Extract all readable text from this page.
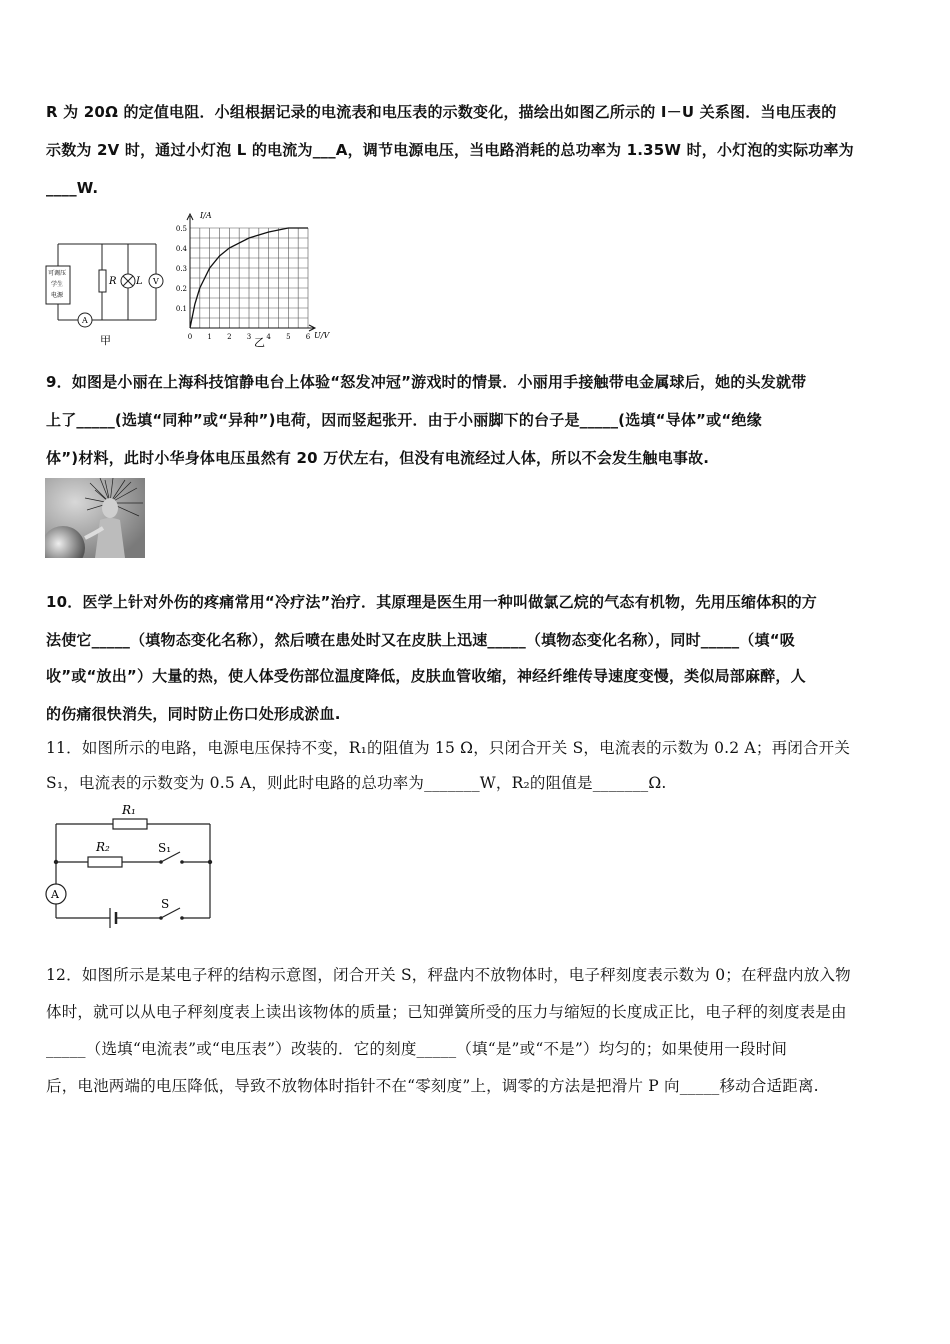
R 为 20Ω 的定值电阻．小组根据记录的电流表和电压表的示数变化，描绘出如图乙所示的 I－U 关系图．当电压表的
示数为 2V 时，通过小灯泡 L 的电流为___A，调节电源电压，当电路消耗的总功率为 1.35W 时，小灯泡的实际功率为
____W.
可调压
学生
电源
R L V
A
甲
0.1
0.2
0.3
0.4
0.5
0 1 2 3 4 5 6
I/A
U/V
乙
9．如图是小丽在上海科技馆静电台上体验“怒发冲冠”游戏时的情景．小丽用手接触带电金属球后，她的头发就带
上了_____(选填“同种”或“异种”)电荷，因而竖起张开．由于小丽脚下的台子是_____(选填“导体”或“绝缘
体”)材料，此时小华身体电压虽然有 20 万伏左右，但没有电流经过人体，所以不会发生触电事故.
10．医学上针对外伤的疼痛常用“冷疗法”治疗．其原理是医生用一种叫做氯乙烷的气态有机物，先用压缩体积的方
法使它_____（填物态变化名称），然后喷在患处时又在皮肤上迅速_____（填物态变化名称），同时_____（填“吸
收”或“放出”）大量的热，使人体受伤部位温度降低，皮肤血管收缩，神经纤维传导速度变慢，类似局部麻醉，人
的伤痛很快消失，同时防止伤口处形成淤血.
11．如图所示的电路，电源电压保持不变，R₁的阻值为 15 Ω，只闭合开关 S，电流表的示数为 0.2 A；再闭合开关
S₁，电流表的示数变为 0.5 A，则此时电路的总功率为_______W，R₂的阻值是_______Ω.
R₁
R₂	S₁
S
A
12．如图所示是某电子秤的结构示意图，闭合开关 S，秤盘内不放物体时，电子秤刻度表示数为 0；在秤盘内放入物
体时，就可以从电子秤刻度表上读出该物体的质量；已知弹簧所受的压力与缩短的长度成正比，电子秤的刻度表是由
_____（选填“电流表”或“电压表”）改装的．它的刻度_____（填“是”或“不是”）均匀的；如果使用一段时间
后，电池两端的电压降低，导致不放物体时指针不在“零刻度”上，调零的方法是把滑片 P 向_____移动合适距离.
